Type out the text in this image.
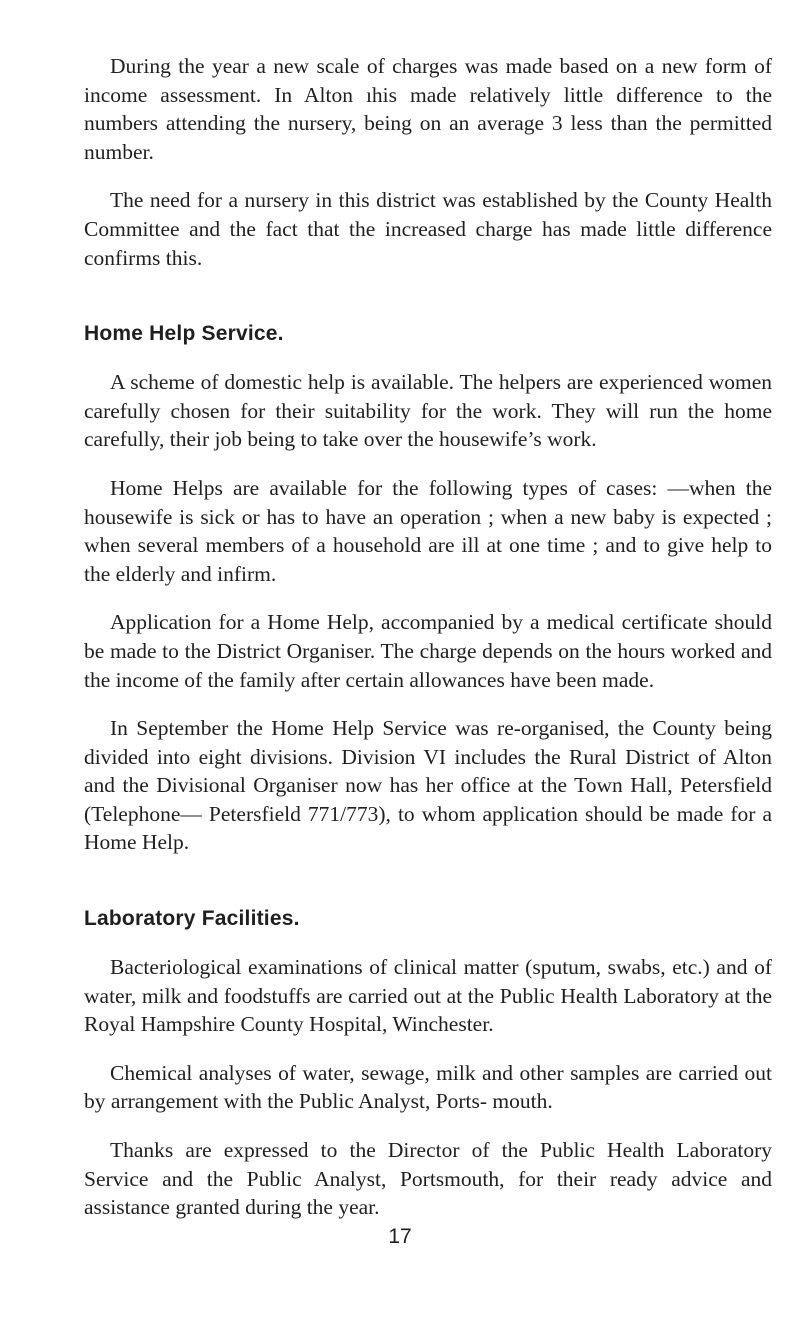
During the year a new scale of charges was made based on a new form of income assessment. In Alton ıhis made relatively little difference to the numbers attending the nursery, being on an average 3 less than the permitted number.

The need for a nursery in this district was established by the County Health Committee and the fact that the increased charge has made little difference confirms this.

Home Help Service.

A scheme of domestic help is available. The helpers are experienced women carefully chosen for their suitability for the work. They will run the home carefully, their job being to take over the housewife’s work.

Home Helps are available for the following types of cases: —when the housewife is sick or has to have an operation ; when a new baby is expected ; when several members of a household are ill at one time ; and to give help to the elderly and infirm.

Application for a Home Help, accompanied by a medical certificate should be made to the District Organiser. The charge depends on the hours worked and the income of the family after certain allowances have been made.

In September the Home Help Service was re-organised, the County being divided into eight divisions. Division VI includes the Rural District of Alton and the Divisional Organiser now has her office at the Town Hall, Petersfield (Telephone— Petersfield 771/773), to whom application should be made for a Home Help.

Laboratory Facilities.

Bacteriological examinations of clinical matter (sputum, swabs, etc.) and of water, milk and foodstuffs are carried out at the Public Health Laboratory at the Royal Hampshire County Hospital, Winchester.

Chemical analyses of water, sewage, milk and other samples are carried out by arrangement with the Public Analyst, Ports- mouth.

Thanks are expressed to the Director of the Public Health Laboratory Service and the Public Analyst, Portsmouth, for their ready advice and assistance granted during the year.

17
